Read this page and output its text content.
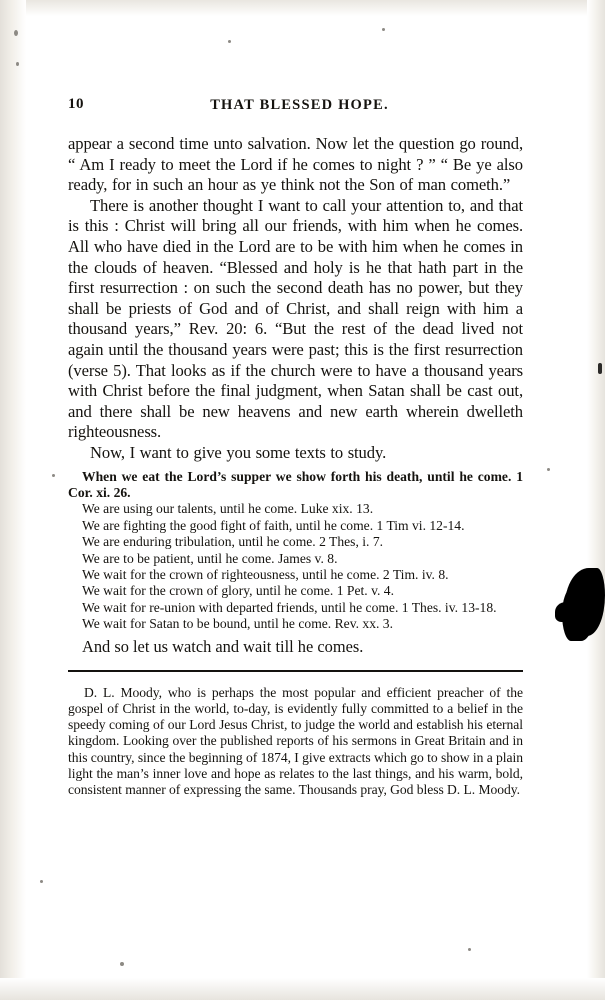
10	THAT BLESSED HOPE.

appear a second time unto salvation. Now let the question go round, “ Am I ready to meet the Lord if he comes to night ? ” “ Be ye also ready, for in such an hour as ye think not the Son of man cometh.”

There is another thought I want to call your attention to, and that is this : Christ will bring all our friends, with him when he comes. All who have died in the Lord are to be with him when he comes in the clouds of heaven. “Blessed and holy is he that hath part in the first resurrection : on such the second death has no power, but they shall be priests of God and of Christ, and shall reign with him a thousand years,” Rev. 20: 6. “But the rest of the dead lived not again until the thousand years were past; this is the first resurrection (verse 5). That looks as if the church were to have a thousand years with Christ before the final judgment, when Satan shall be cast out, and there shall be new heavens and new earth wherein dwelleth righteousness.

Now, I want to give you some texts to study.

When we eat the Lord’s supper we show forth his death, until he come. 1 Cor. xi. 26.

We are using our talents, until he come. Luke xix. 13.

We are fighting the good fight of faith, until he come. 1 Tim vi. 12-14.

We are enduring tribulation, until he come. 2 Thes, i. 7.

We are to be patient, until he come. James v. 8.

We wait for the crown of righteousness, until he come. 2 Tim. iv. 8.

We wait for the crown of glory, until he come. 1 Pet. v. 4.

We wait for re-union with departed friends, until he come. 1 Thes. iv. 13-18.

We wait for Satan to be bound, until he come. Rev. xx. 3.

And so let us watch and wait till he comes.

D. L. Moody, who is perhaps the most popular and efficient preacher of the gospel of Christ in the world, to-day, is evidently fully committed to a belief in the speedy coming of our Lord Jesus Christ, to judge the world and establish his eternal kingdom. Looking over the published reports of his sermons in Great Britain and in this country, since the beginning of 1874, I give extracts which go to show in a plain light the man’s inner love and hope as relates to the last things, and his warm, bold, consistent manner of expressing the same. Thousands pray, God bless D. L. Moody.
